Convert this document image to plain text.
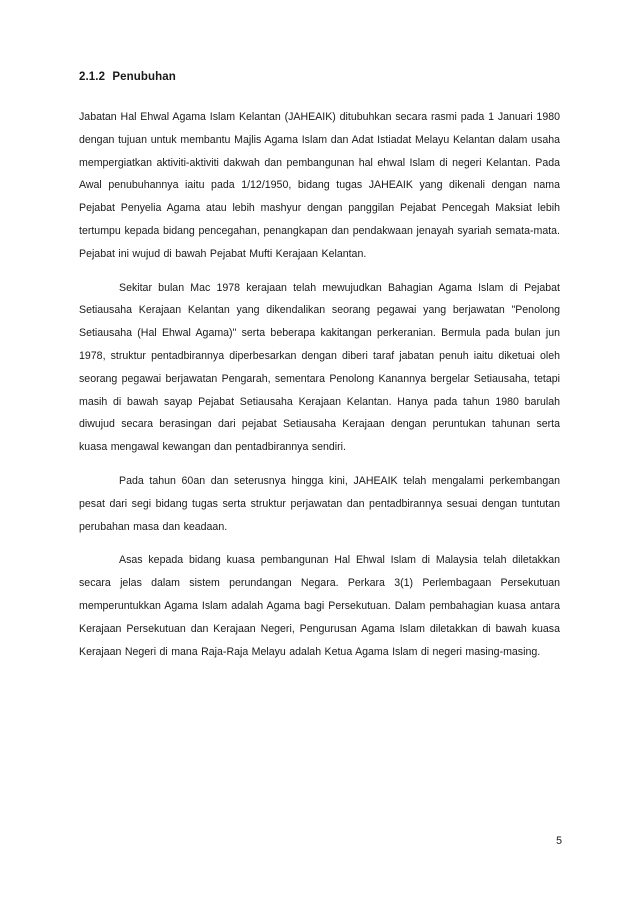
2.1.2 Penubuhan

Jabatan Hal Ehwal Agama Islam Kelantan (JAHEAIK) ditubuhkan secara rasmi pada 1 Januari 1980 dengan tujuan untuk membantu Majlis Agama Islam dan Adat Istiadat Melayu Kelantan dalam usaha mempergiatkan aktiviti-aktiviti dakwah dan pembangunan hal ehwal Islam di negeri Kelantan. Pada Awal penubuhannya iaitu pada 1/12/1950, bidang tugas JAHEAIK yang dikenali dengan nama Pejabat Penyelia Agama atau lebih mashyur dengan panggilan Pejabat Pencegah Maksiat lebih tertumpu kepada bidang pencegahan, penangkapan dan pendakwaan jenayah syariah semata-mata. Pejabat ini wujud di bawah Pejabat Mufti Kerajaan Kelantan.

Sekitar bulan Mac 1978 kerajaan telah mewujudkan Bahagian Agama Islam di Pejabat Setiausaha Kerajaan Kelantan yang dikendalikan seorang pegawai yang berjawatan "Penolong Setiausaha (Hal Ehwal Agama)" serta beberapa kakitangan perkeranian. Bermula pada bulan jun 1978, struktur pentadbirannya diperbesarkan dengan diberi taraf jabatan penuh iaitu diketuai oleh seorang pegawai berjawatan Pengarah, sementara Penolong Kanannya bergelar Setiausaha, tetapi masih di bawah sayap Pejabat Setiausaha Kerajaan Kelantan. Hanya pada tahun 1980 barulah diwujud secara berasingan dari pejabat Setiausaha Kerajaan dengan peruntukan tahunan serta kuasa mengawal kewangan dan pentadbirannya sendiri.

Pada tahun 60an dan seterusnya hingga kini, JAHEAIK telah mengalami perkembangan pesat dari segi bidang tugas serta struktur perjawatan dan pentadbirannya sesuai dengan tuntutan perubahan masa dan keadaan.

Asas kepada bidang kuasa pembangunan Hal Ehwal Islam di Malaysia telah diletakkan secara jelas dalam sistem perundangan Negara. Perkara 3(1) Perlembagaan Persekutuan memperuntukkan Agama Islam adalah Agama bagi Persekutuan. Dalam pembahagian kuasa antara Kerajaan Persekutuan dan Kerajaan Negeri, Pengurusan Agama Islam diletakkan di bawah kuasa Kerajaan Negeri di mana Raja-Raja Melayu adalah Ketua Agama Islam di negeri masing-masing.

5
